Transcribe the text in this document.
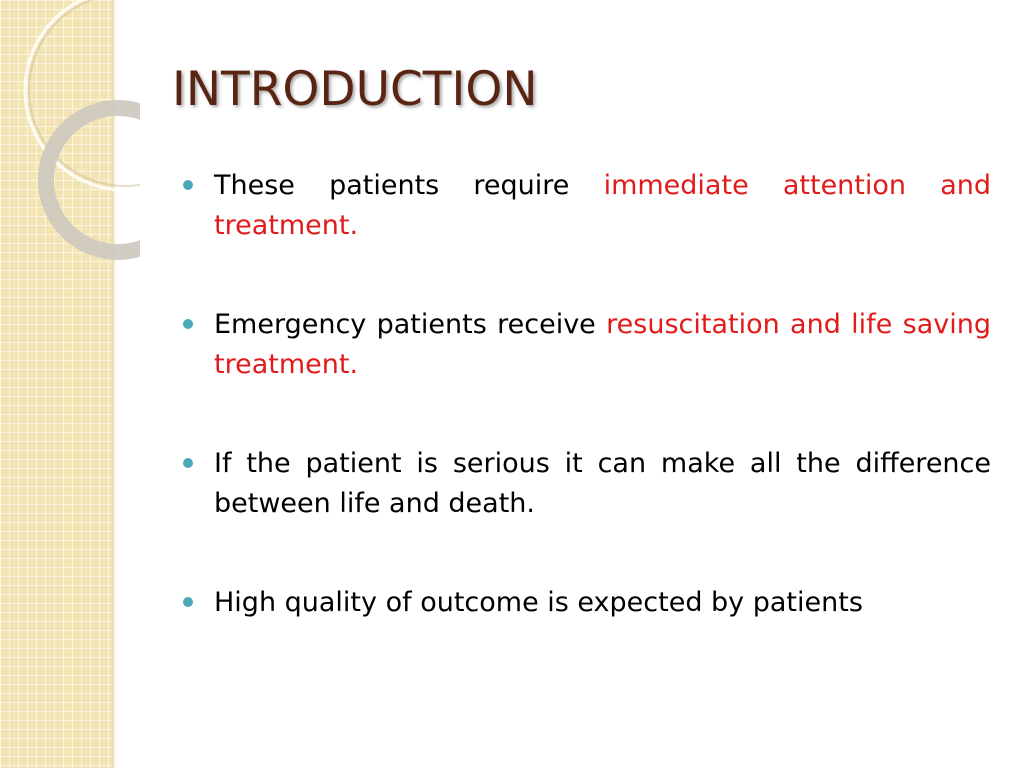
INTRODUCTION
These patients require immediate attention and treatment.
Emergency patients receive resuscitation and life saving treatment.
If the patient is serious it can make all the difference between life and death.
High quality of outcome is expected by patients
